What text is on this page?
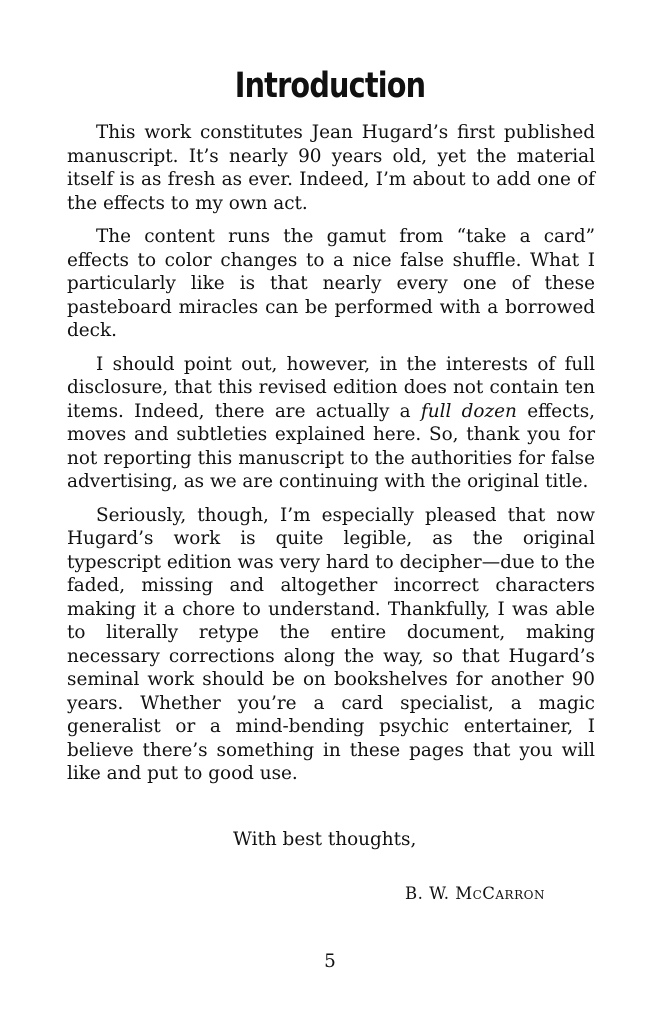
Introduction

This work constitutes Jean Hugard’s first published manuscript. It’s nearly 90 years old, yet the material itself is as fresh as ever. Indeed, I’m about to add one of the effects to my own act.

The content runs the gamut from “take a card” effects to color changes to a nice false shuffle. What I particularly like is that nearly every one of these pasteboard miracles can be performed with a borrowed deck.

I should point out, however, in the interests of full disclosure, that this revised edition does not contain ten items. Indeed, there are actually a full dozen effects, moves and subtleties explained here. So, thank you for not reporting this manuscript to the authorities for false advertising, as we are continuing with the original title.

Seriously, though, I’m especially pleased that now Hugard’s work is quite legible, as the original typescript edition was very hard to decipher—due to the faded, missing and altogether incorrect characters making it a chore to understand. Thankfully, I was able to literally retype the entire document, making necessary corrections along the way, so that Hugard’s seminal work should be on bookshelves for another 90 years. Whether you’re a card specialist, a magic generalist or a mind-bending psychic entertainer, I believe there’s something in these pages that you will like and put to good use.

With best thoughts,
B. W. McCarron
5
